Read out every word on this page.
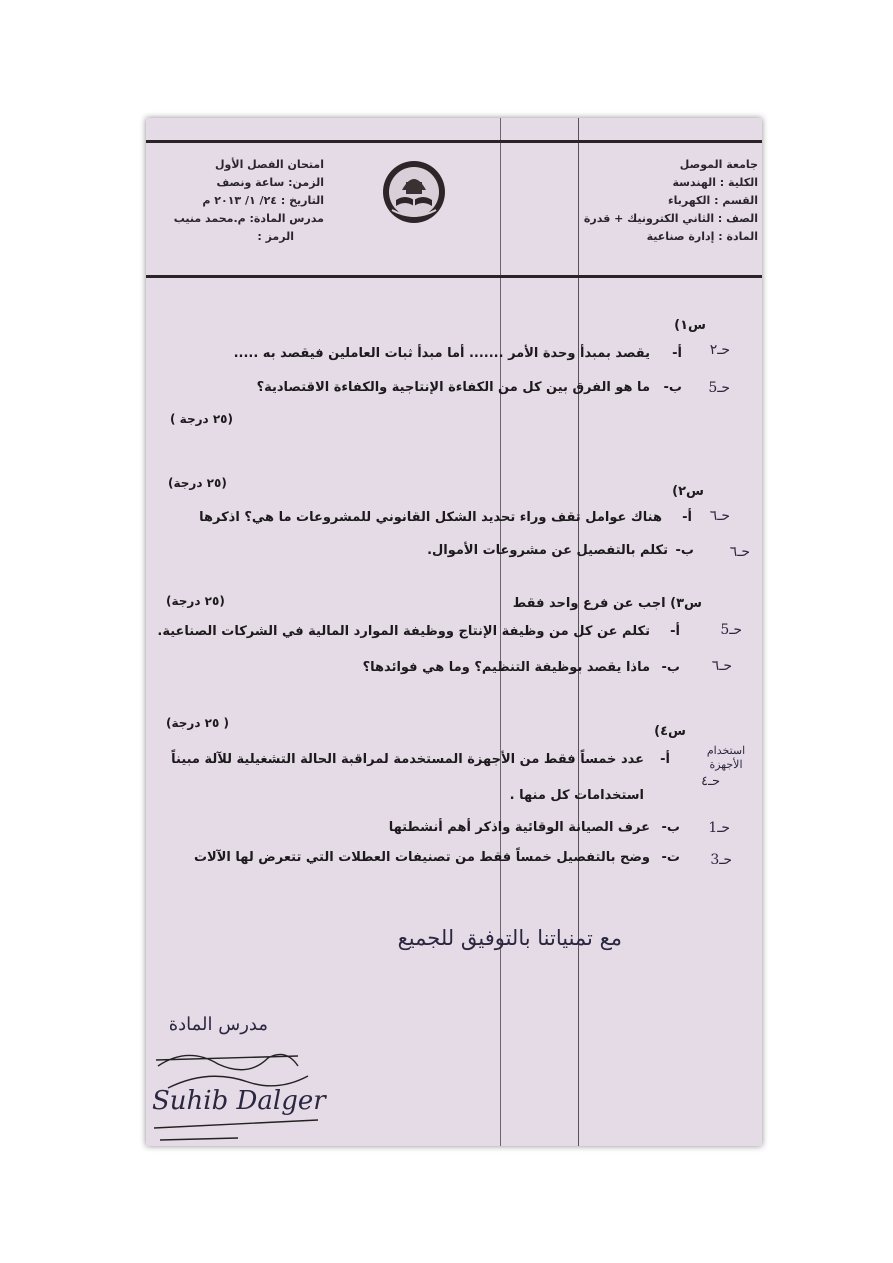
جامعة الموصل
الكلية : الهندسة
القسم : الكهرباء
الصف : الثاني الكترونيك + قدرة
المادة : إدارة صناعية
امتحان الفصل الأول
الزمن: ساعة ونصف
التاريخ : ٢٤/ ١/ ٢٠١٣ م
مدرس المادة: م.محمد منيب
الرمز :
س١)
أ-
يقصد بمبدأ وحدة الأمر ....... أما مبدأ ثبات العاملين فيقصد به .....	حـ٢
ب-
ما هو الفرق بين كل من الكفاءة الإنتاجية والكفاءة الاقتصادية؟	حـ5
( ٢٥ درجة)
(٢٥ درجة)
س٢)
أ-
هناك عوامل تقف وراء تحديد الشكل القانوني للمشروعات ما هي؟ اذكرها	حـ٦
ب-
تكلم بالتفصيل عن مشروعات الأموال.	حـ٦
(٢٥ درجة)	س٣) اجب عن فرع واحد فقط
أ-
تكلم عن كل من وظيفة الإنتاج ووظيفة الموارد المالية في الشركات الصناعية.	حـ5
ب-
ماذا يقصد بوظيفة التنظيم؟ وما هي فوائدها؟	حـ٦
(٢٥ درجة )
س٤)
استخدام الأجهزة
أ-
عدد خمساً فقط من الأجهزة المستخدمة لمراقبة الحالة التشغيلية للآلة مبيناً
حـ٤
استخدامات كل منها .
ب-
عرف الصيانة الوقائية واذكر أهم أنشطتها	حـ1
ت-
وضح بالتفصيل خمساً فقط من تصنيفات العطلات التي تتعرض لها الآلات	حـ3
مع تمنياتنا بالتوفيق للجميع
مدرس المادة
Suhib Dalger
